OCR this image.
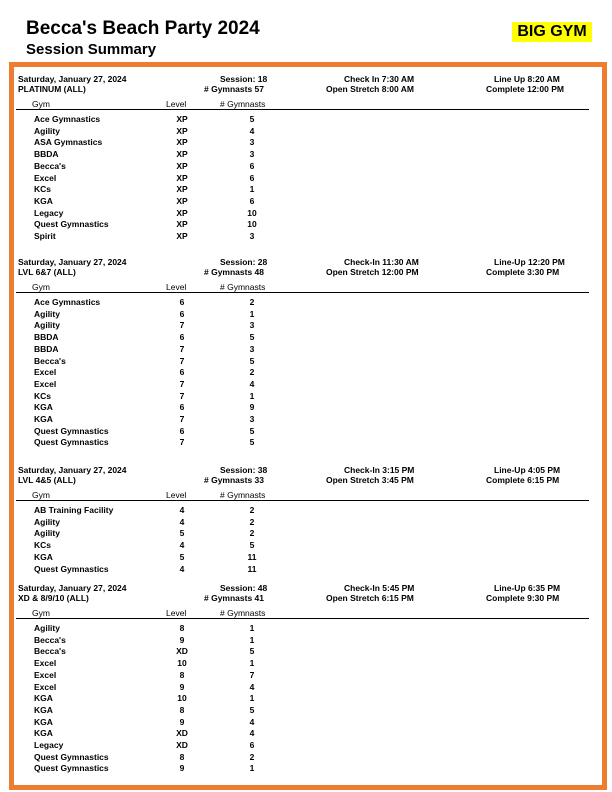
Becca's Beach Party 2024
Session Summary
BIG GYM
Saturday, January 27, 2024
PLATINUM (ALL)
Session: 18
# Gymnasts 57
Check In 7:30 AM
Open Stretch 8:00 AM
Line Up 8:20 AM
Complete 12:00 PM
Gym	Level	# Gymnasts
Ace Gymnastics	XP	5
Agility	XP	4
ASA Gymnastics	XP	3
BBDA	XP	3
Becca's	XP	6
Excel	XP	6
KCs	XP	1
KGA	XP	6
Legacy	XP	10
Quest Gymnastics	XP	10
Spirit	XP	3
Saturday, January 27, 2024
LVL 6&7 (ALL)
Session: 28
# Gymnasts 48
Check-In 11:30 AM
Open Stretch 12:00 PM
Line-Up 12:20 PM
Complete 3:30 PM
Gym	Level	# Gymnasts
Ace Gymnastics	6	2
Agility	6	1
Agility	7	3
BBDA	6	5
BBDA	7	3
Becca's	7	5
Excel	6	2
Excel	7	4
KCs	7	1
KGA	6	9
KGA	7	3
Quest Gymnastics	6	5
Quest Gymnastics	7	5
Saturday, January 27, 2024
LVL 4&5 (ALL)
Session: 38
# Gymnasts 33
Check-In 3:15 PM
Open Stretch 3:45 PM
Line-Up 4:05 PM
Complete 6:15 PM
Gym	Level	# Gymnasts
AB Training Facility	4	2
Agility	4	2
Agility	5	2
KCs	4	5
KGA	5	11
Quest Gymnastics	4	11
Saturday, January 27, 2024
XD & 8/9/10 (ALL)
Session: 48
# Gymnasts 41
Check-In 5:45 PM
Open Stretch 6:15 PM
Line-Up 6:35 PM
Complete 9:30 PM
Gym	Level	# Gymnasts
Agility	8	1
Becca's	9	1
Becca's	XD	5
Excel	10	1
Excel	8	7
Excel	9	4
KGA	10	1
KGA	8	5
KGA	9	4
KGA	XD	4
Legacy	XD	6
Quest Gymnastics	8	2
Quest Gymnastics	9	1
